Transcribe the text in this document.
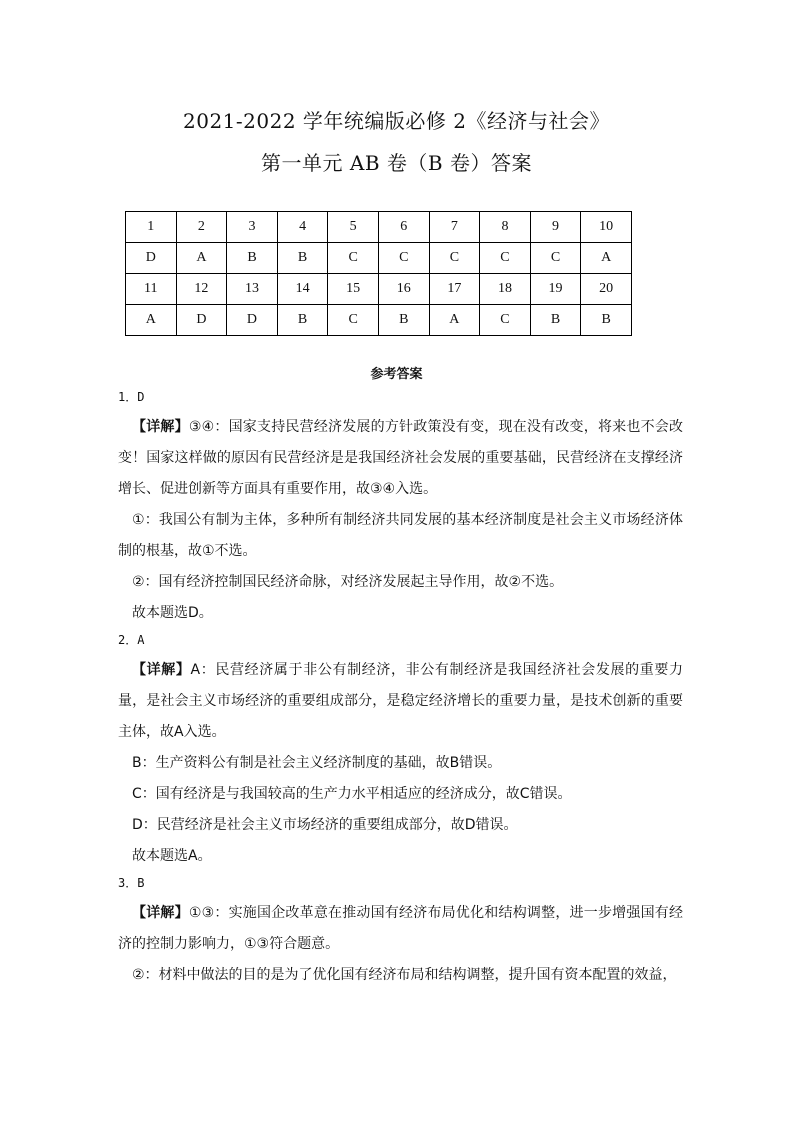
2021-2022 学年统编版必修 2《经济与社会》
第一单元 AB 卷（B 卷）答案
1	2	3	4	5	6	7	8	9	10
D	A	B	B	C	C	C	C	C	A
11	12	13	14	15	16	17	18	19	20
A	D	D	B	C	B	A	C	B	B
参考答案
1．D

【详解】③④：国家支持民营经济发展的方针政策没有变，现在没有改变，将来也不会改变！国家这样做的原因有民营经济是是我国经济社会发展的重要基础，民营经济在支撑经济增长、促进创新等方面具有重要作用，故③④入选。

①：我国公有制为主体，多种所有制经济共同发展的基本经济制度是社会主义市场经济体制的根基，故①不选。

②：国有经济控制国民经济命脉，对经济发展起主导作用，故②不选。

故本题选D。

2．A

【详解】A：民营经济属于非公有制经济，非公有制经济是我国经济社会发展的重要力量，是社会主义市场经济的重要组成部分，是稳定经济增长的重要力量，是技术创新的重要主体，故A入选。

B：生产资料公有制是社会主义经济制度的基础，故B错误。

C：国有经济是与我国较高的生产力水平相适应的经济成分，故C错误。

D：民营经济是社会主义市场经济的重要组成部分，故D错误。

故本题选A。

3．B

【详解】①③：实施国企改革意在推动国有经济布局优化和结构调整，进一步增强国有经济的控制力影响力，①③符合题意。

②：材料中做法的目的是为了优化国有经济布局和结构调整，提升国有资本配置的效益，
